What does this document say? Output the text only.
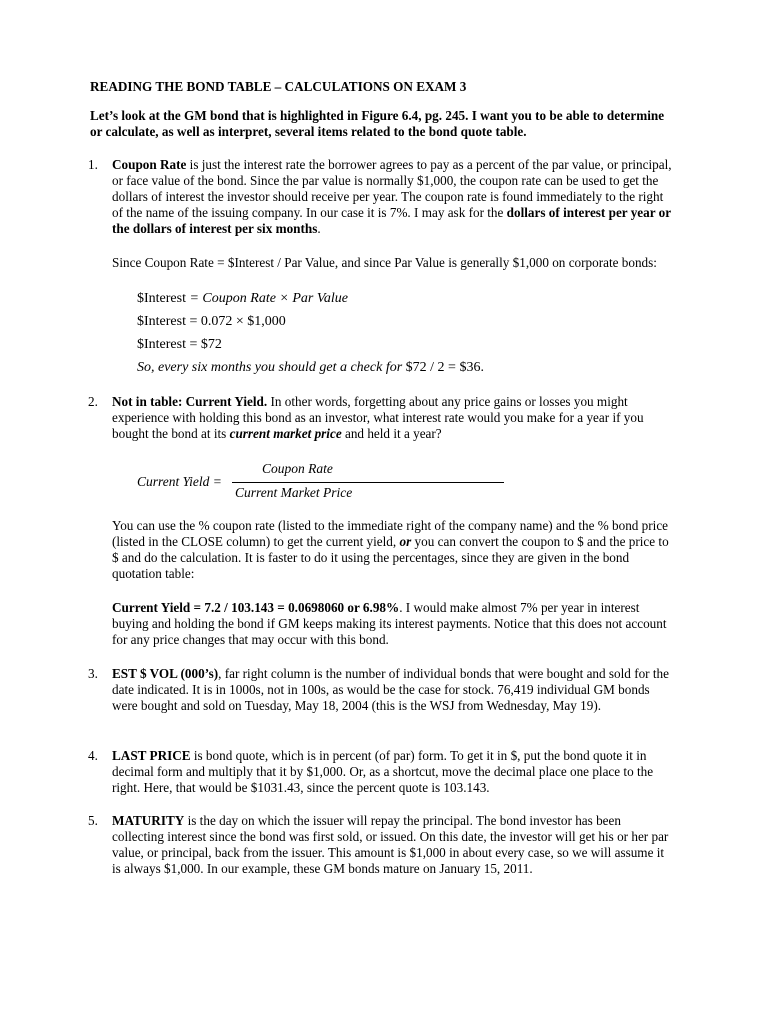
READING THE BOND TABLE – CALCULATIONS ON EXAM 3

Let’s look at the GM bond that is highlighted in Figure 6.4, pg. 245. I want you to be able to determine or calculate, as well as interpret, several items related to the bond quote table.

1. Coupon Rate is just the interest rate the borrower agrees to pay as a percent of the par value, or principal, or face value of the bond. Since the par value is normally $1,000, the coupon rate can be used to get the dollars of interest the investor should receive per year. The coupon rate is found immediately to the right of the name of the issuing company. In our case it is 7%. I may ask for the dollars of interest per year or the dollars of interest per six months.

Since Coupon Rate = $Interest / Par Value, and since Par Value is generally $1,000 on corporate bonds:

$Interest = Coupon Rate × Par Value
$Interest = 0.072 × $1,000
$Interest = $72
So, every six months you should get a check for $72 / 2 = $36.
2. Not in table: Current Yield. In other words, forgetting about any price gains or losses you might experience with holding this bond as an investor, what interest rate would you make for a year if you bought the bond at its current market price and held it a year?

Current Yield =
Coupon Rate
Current Market Price

You can use the % coupon rate (listed to the immediate right of the company name) and the % bond price (listed in the CLOSE column) to get the current yield, or you can convert the coupon to $ and the price to $ and do the calculation. It is faster to do it using the percentages, since they are given in the bond quotation table:

Current Yield = 7.2 / 103.143 = 0.0698060 or 6.98%. I would make almost 7% per year in interest buying and holding the bond if GM keeps making its interest payments. Notice that this does not account for any price changes that may occur with this bond.

3. EST $ VOL (000’s), far right column is the number of individual bonds that were bought and sold for the date indicated. It is in 1000s, not in 100s, as would be the case for stock. 76,419 individual GM bonds were bought and sold on Tuesday, May 18, 2004 (this is the WSJ from Wednesday, May 19).

4. LAST PRICE is bond quote, which is in percent (of par) form. To get it in $, put the bond quote it in decimal form and multiply that it by $1,000. Or, as a shortcut, move the decimal place one place to the right. Here, that would be $1031.43, since the percent quote is 103.143.

5. MATURITY is the day on which the issuer will repay the principal. The bond investor has been collecting interest since the bond was first sold, or issued. On this date, the investor will get his or her par value, or principal, back from the issuer. This amount is $1,000 in about every case, so we will assume it is always $1,000. In our example, these GM bonds mature on January 15, 2011.
